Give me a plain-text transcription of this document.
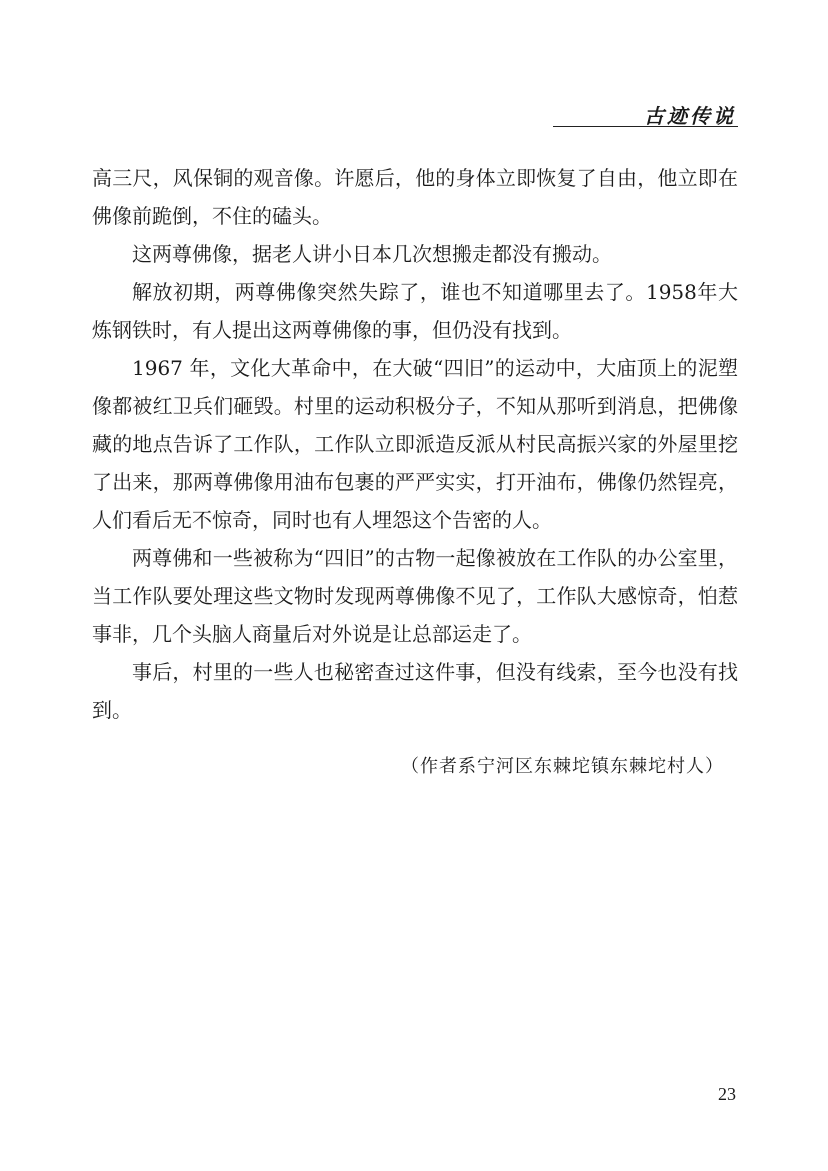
古迹传说

高三尺，风保铜的观音像。许愿后，他的身体立即恢复了自由，他立即在佛像前跪倒，不住的磕头。

这两尊佛像，据老人讲小日本几次想搬走都没有搬动。

解放初期，两尊佛像突然失踪了，谁也不知道哪里去了。1958年大炼钢铁时，有人提出这两尊佛像的事，但仍没有找到。

1967 年，文化大革命中，在大破“四旧”的运动中，大庙顶上的泥塑像都被红卫兵们砸毁。村里的运动积极分子，不知从那听到消息，把佛像藏的地点告诉了工作队，工作队立即派造反派从村民高振兴家的外屋里挖了出来，那两尊佛像用油布包裹的严严实实，打开油布，佛像仍然锃亮，人们看后无不惊奇，同时也有人埋怨这个告密的人。

两尊佛和一些被称为“四旧”的古物一起像被放在工作队的办公室里，当工作队要处理这些文物时发现两尊佛像不见了，工作队大感惊奇，怕惹事非，几个头脑人商量后对外说是让总部运走了。

事后，村里的一些人也秘密查过这件事，但没有线索，至今也没有找到。

（作者系宁河区东棘坨镇东棘坨村人）
23
